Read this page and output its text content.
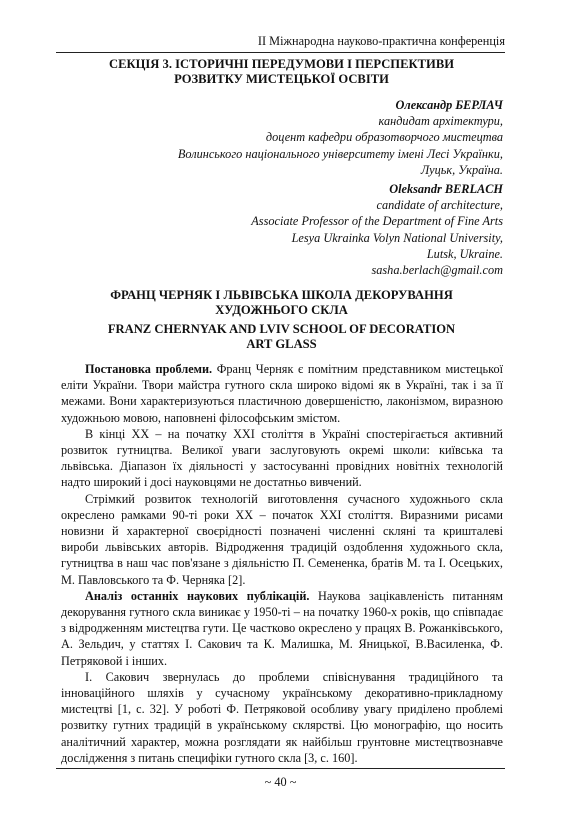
II Міжнародна науково-практична конференція
СЕКЦІЯ 3. ІСТОРИЧНІ ПЕРЕДУМОВИ І ПЕРСПЕКТИВИ
РОЗВИТКУ МИСТЕЦЬКОЇ ОСВІТИ
Олександр БЕРЛАЧ
кандидат архітектури,
доцент кафедри образотворчого мистецтва
Волинського національного університету імені Лесі Українки,
Луцьк, Україна.
Oleksandr BERLACH
candidate of architecture,
Associate Professor of the Department of Fine Arts
Lesya Ukrainka Volyn National University,
Lutsk, Ukraine.
sasha.berlach@gmail.com
ФРАНЦ ЧЕРНЯК І ЛЬВІВСЬКА ШКОЛА ДЕКОРУВАННЯ
ХУДОЖНЬОГО СКЛА
FRANZ CHERNYAK AND LVIV SCHOOL OF DECORATION
ART GLASS

Постановка проблеми. Франц Черняк є помітним представником мистецької еліти України. Твори майстра гутного скла широко відомі як в Україні, так і за її межами. Вони характеризуються пластичною довершеністю, лаконізмом, виразною художньою мовою, наповнені філософським змістом.

В кінці ХХ – на початку ХХІ століття в Україні спостерігається активний розвиток гутництва. Великої уваги заслуговують окремі школи: київська та львівська. Діапазон їх діяльності у застосуванні провідних новітніх технологій надто широкий і досі науковцями не достатньо вивчений.

Стрімкий розвиток технологій виготовлення сучасного художнього скла окреслено рамками 90-ті роки ХХ – початок ХХІ століття. Виразними рисами новизни й характерної своєрідності позначені численні скляні та кришталеві вироби львівських авторів. Відродження традицій оздоблення художнього скла, гутництва в наш час пов'язане з діяльністю П. Семененка, братів М. та І. Осецьких, М. Павловського та Ф. Черняка [2].

Аналіз останніх наукових публікацій. Наукова зацікавленість питанням декорування гутного скла виникає у 1950-ті – на початку 1960-х років, що співпадає з відродженням мистецтва гути. Це частково окреслено у працях В. Рожанківського, А. Зельдич, у статтях І. Сакович та К. Малишка, М. Яницької, В.Василенка, Ф. Петряковой і інших.

І. Сакович звернулась до проблеми співіснування традиційного та інноваційного шляхів у сучасному українському декоративно-прикладному мистецтві [1, с. 32]. У роботі Ф. Петряковой особливу увагу приділено проблемі розвитку гутних традицій в українському склярстві. Цю монографію, що носить аналітичний характер, можна розглядати як найбільш грунтовне мистецтвознавче дослідження з питань специфіки гутного скла [3, с. 160].

~ 40 ~
